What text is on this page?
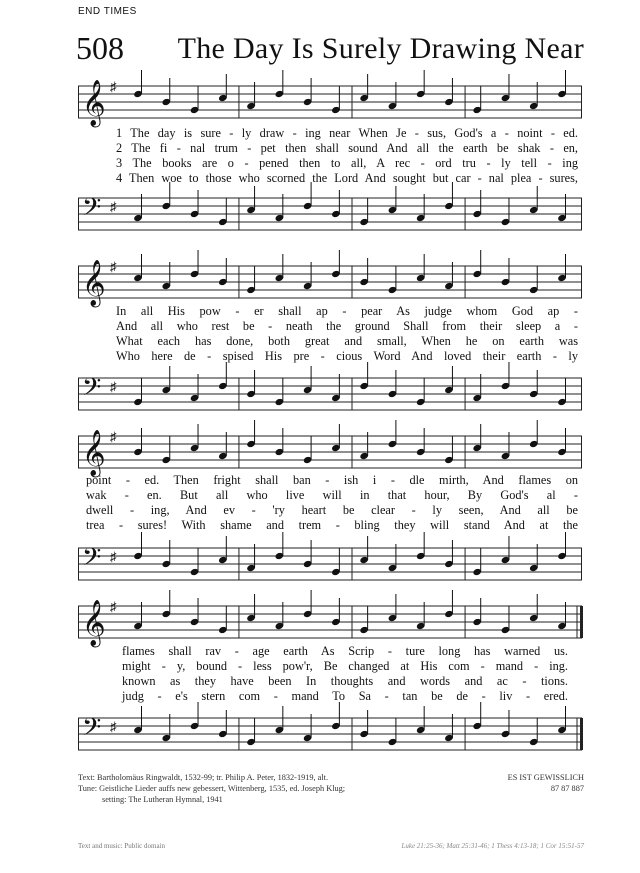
END TIMES
508 The Day Is Surely Drawing Near
𝄞 ♯
1 The day is sure - ly draw - ing near When Je - sus, God's a - noint - ed.
2 The fi - nal trum - pet then shall sound And all the earth be shak - en,
3 The books are o - pened then to all, A rec - ord tru - ly tell - ing
4 Then woe to those who scorned the Lord And sought but car - nal plea - sures,
𝄢 ♯
𝄞 ♯
In all His pow - er shall ap - pear As judge whom God ap -
And all who rest be - neath the ground Shall from their sleep a -
What each has done, both great and small, When he on earth was
Who here de - spised His pre - cious Word And loved their earth - ly
𝄢 ♯
𝄞 ♯
point - ed. Then fright shall ban - ish i - dle mirth, And flames on
wak - en. But all who live will in that hour, By God's al -
dwell - ing, And ev - 'ry heart be clear - ly seen, And all be
trea - sures! With shame and trem - bling they will stand And at the
𝄢 ♯
𝄞 ♯
flames shall rav - age earth As Scrip - ture long has warned us.
might - y, bound - less pow'r, Be changed at His com - mand - ing.
known as they have been In thoughts and words and ac - tions.
judg - e's stern com - mand To Sa - tan be de - liv - ered.
𝄢 ♯
Text: Bartholomäus Ringwaldt, 1532-99; tr. Philip A. Peter, 1832-1919, alt.
Tune: Geistliche Lieder auffs new gebessert, Wittenberg, 1535, ed. Joseph Klug;
setting: The Lutheran Hymnal, 1941
ES IST GEWISSLICH
87 87 887
Text and music: Public domain	Luke 21:25-36; Matt 25:31-46; 1 Thess 4:13-18; 1 Cor 15:51-57
